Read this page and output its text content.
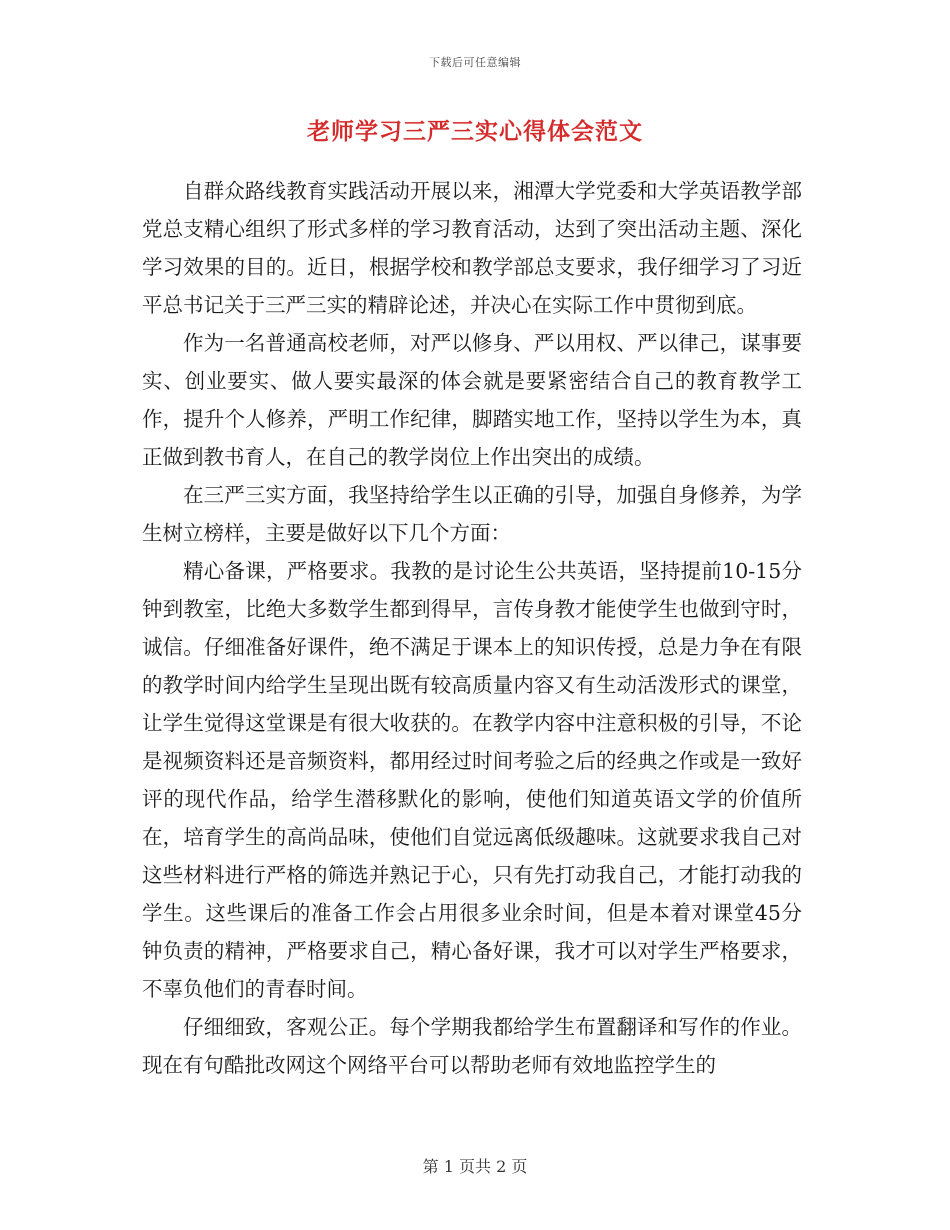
下载后可任意编辑
老师学习三严三实心得体会范文

自群众路线教育实践活动开展以来，湘潭大学党委和大学英语教学部党总支精心组织了形式多样的学习教育活动，达到了突出活动主题、深化学习效果的目的。近日，根据学校和教学部总支要求，我仔细学习了习近平总书记关于三严三实的精辟论述，并决心在实际工作中贯彻到底。

作为一名普通高校老师，对严以修身、严以用权、严以律己，谋事要实、创业要实、做人要实最深的体会就是要紧密结合自己的教育教学工作，提升个人修养，严明工作纪律，脚踏实地工作，坚持以学生为本，真正做到教书育人，在自己的教学岗位上作出突出的成绩。

在三严三实方面，我坚持给学生以正确的引导，加强自身修养，为学生树立榜样，主要是做好以下几个方面：

精心备课，严格要求。我教的是讨论生公共英语，坚持提前10-15分钟到教室，比绝大多数学生都到得早，言传身教才能使学生也做到守时，诚信。仔细准备好课件，绝不满足于课本上的知识传授，总是力争在有限的教学时间内给学生呈现出既有较高质量内容又有生动活泼形式的课堂，让学生觉得这堂课是有很大收获的。在教学内容中注意积极的引导，不论是视频资料还是音频资料，都用经过时间考验之后的经典之作或是一致好评的现代作品，给学生潜移默化的影响，使他们知道英语文学的价值所在，培育学生的高尚品味，使他们自觉远离低级趣味。这就要求我自己对这些材料进行严格的筛选并熟记于心，只有先打动我自己，才能打动我的学生。这些课后的准备工作会占用很多业余时间，但是本着对课堂45分钟负责的精神，严格要求自己，精心备好课，我才可以对学生严格要求，不辜负他们的青春时间。

仔细细致，客观公正。每个学期我都给学生布置翻译和写作的作业。现在有句酷批改网这个网络平台可以帮助老师有效地监控学生的

第 1 页共 2 页
